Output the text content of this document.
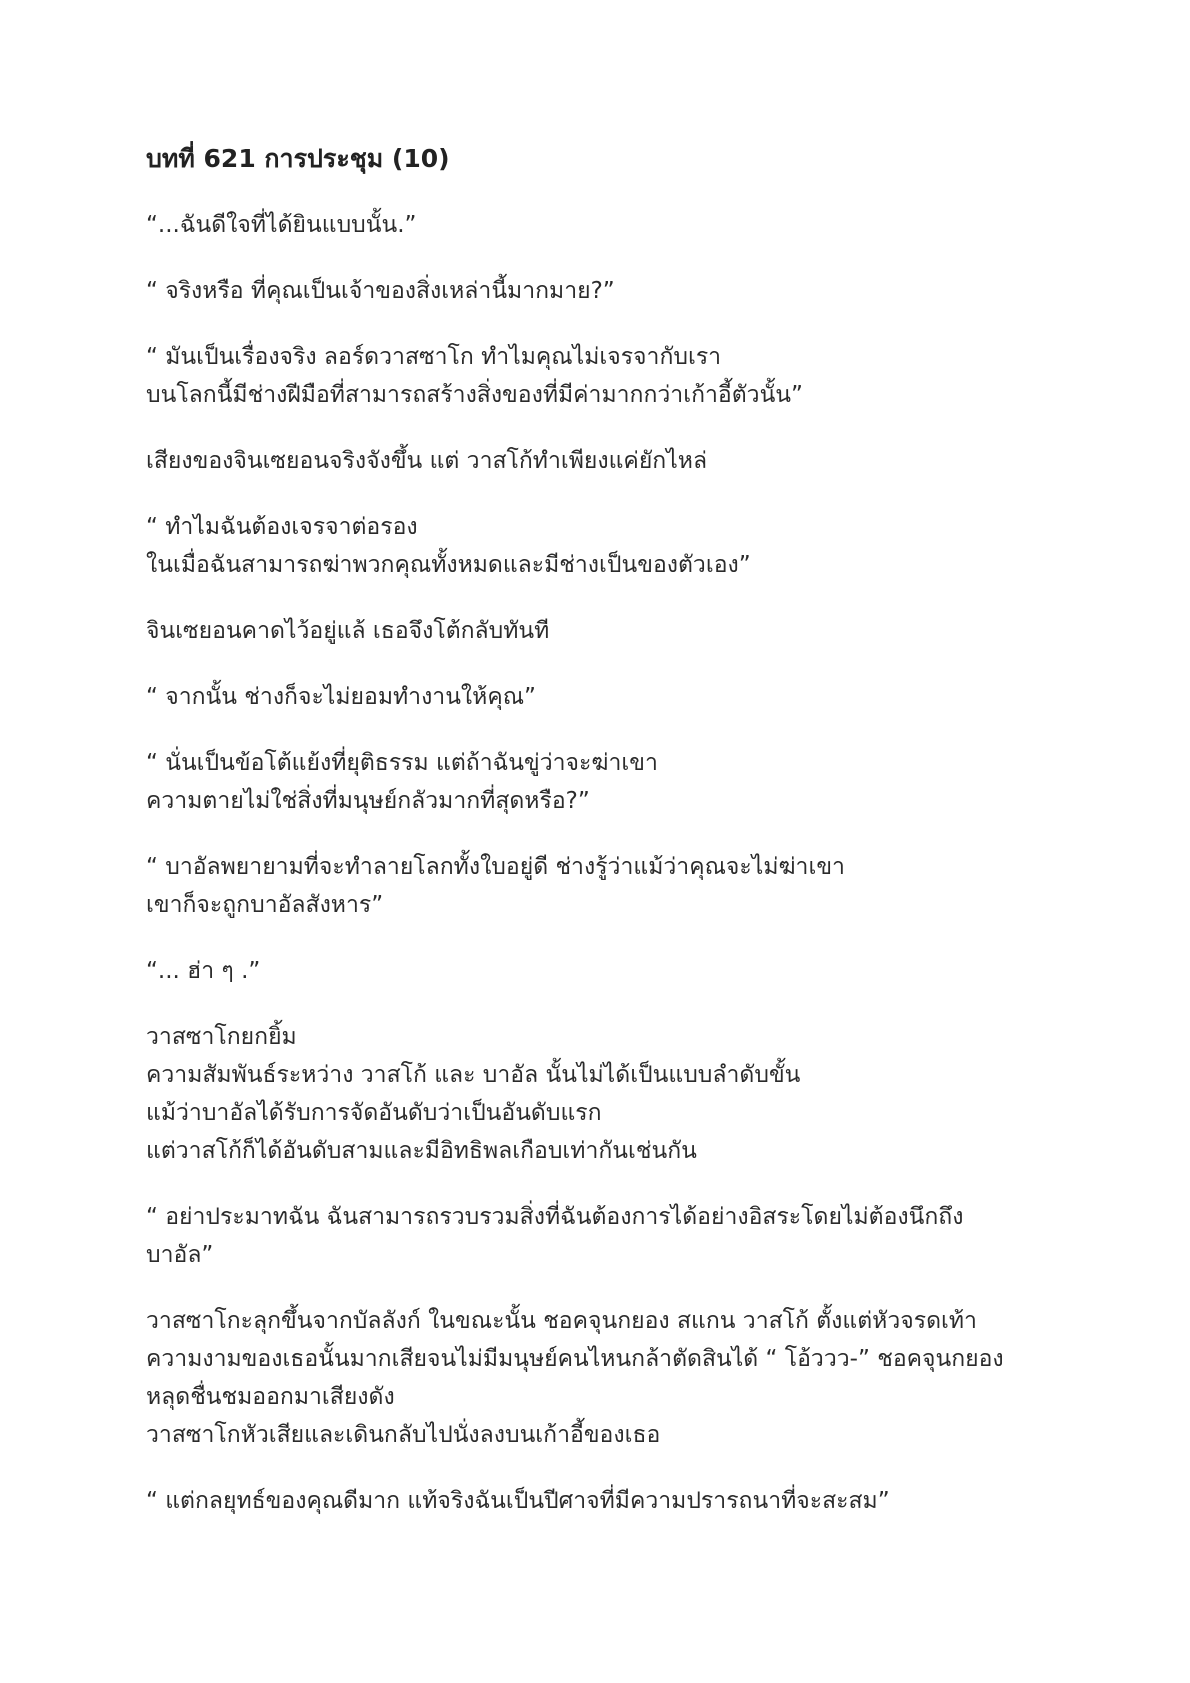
บทที่ 621 การประชุม (10)
“...ฉันดีใจที่ได้ยินแบบนั้น.”
“ จริงหรือ ที่คุณเป็นเจ้าของสิ่งเหล่านี้มากมาย?”
“ มันเป็นเรื่องจริง ลอร์ดวาสซาโก ทำไมคุณไม่เจรจากับเรา
บนโลกนี้มีช่างฝีมือที่สามารถสร้างสิ่งของที่มีค่ามากกว่าเก้าอี้ตัวนั้น”
เสียงของจินเซยอนจริงจังขึ้น แต่ วาสโก้ทำเพียงแค่ยักไหล่
“ ทำไมฉันต้องเจรจาต่อรอง
ในเมื่อฉันสามารถฆ่าพวกคุณทั้งหมดและมีช่างเป็นของตัวเอง”
จินเซยอนคาดไว้อยู่แล้ เธอจึงโต้กลับทันที
“ จากนั้น ช่างก็จะไม่ยอมทำงานให้คุณ”
“ นั่นเป็นข้อโต้แย้งที่ยุติธรรม แต่ถ้าฉันขู่ว่าจะฆ่าเขา
ความตายไม่ใช่สิ่งที่มนุษย์กลัวมากที่สุดหรือ?”
“ บาอัลพยายามที่จะทำลายโลกทั้งใบอยู่ดี ช่างรู้ว่าแม้ว่าคุณจะไม่ฆ่าเขา
เขาก็จะถูกบาอัลสังหาร”
“... ฮ่า ๆ .”
วาสซาโกยกยิ้ม
ความสัมพันธ์ระหว่าง วาสโก้ และ บาอัล นั้นไม่ได้เป็นแบบลำดับขั้น
แม้ว่าบาอัลได้รับการจัดอันดับว่าเป็นอันดับแรก
แต่วาสโก้ก็ได้อันดับสามและมีอิทธิพลเกือบเท่ากันเช่นกัน
“ อย่าประมาทฉัน ฉันสามารถรวบรวมสิ่งที่ฉันต้องการได้อย่างอิสระโดยไม่ต้องนึกถึง
บาอัล”
วาสซาโกะลุกขึ้นจากบัลลังก์ ในขณะนั้น ชอคจุนกยอง สแกน วาสโก้ ตั้งแต่หัวจรดเท้า
ความงามของเธอนั้นมากเสียจนไม่มีมนุษย์คนไหนกล้าตัดสินได้ “ โอ้ววว-” ชอคจุนกยอง
หลุดชื่นชมออกมาเสียงดัง
วาสซาโกหัวเสียและเดินกลับไปนั่งลงบนเก้าอี้ของเธอ
“ แต่กลยุทธ์ของคุณดีมาก แท้จริงฉันเป็นปีศาจที่มีความปรารถนาที่จะสะสม”
